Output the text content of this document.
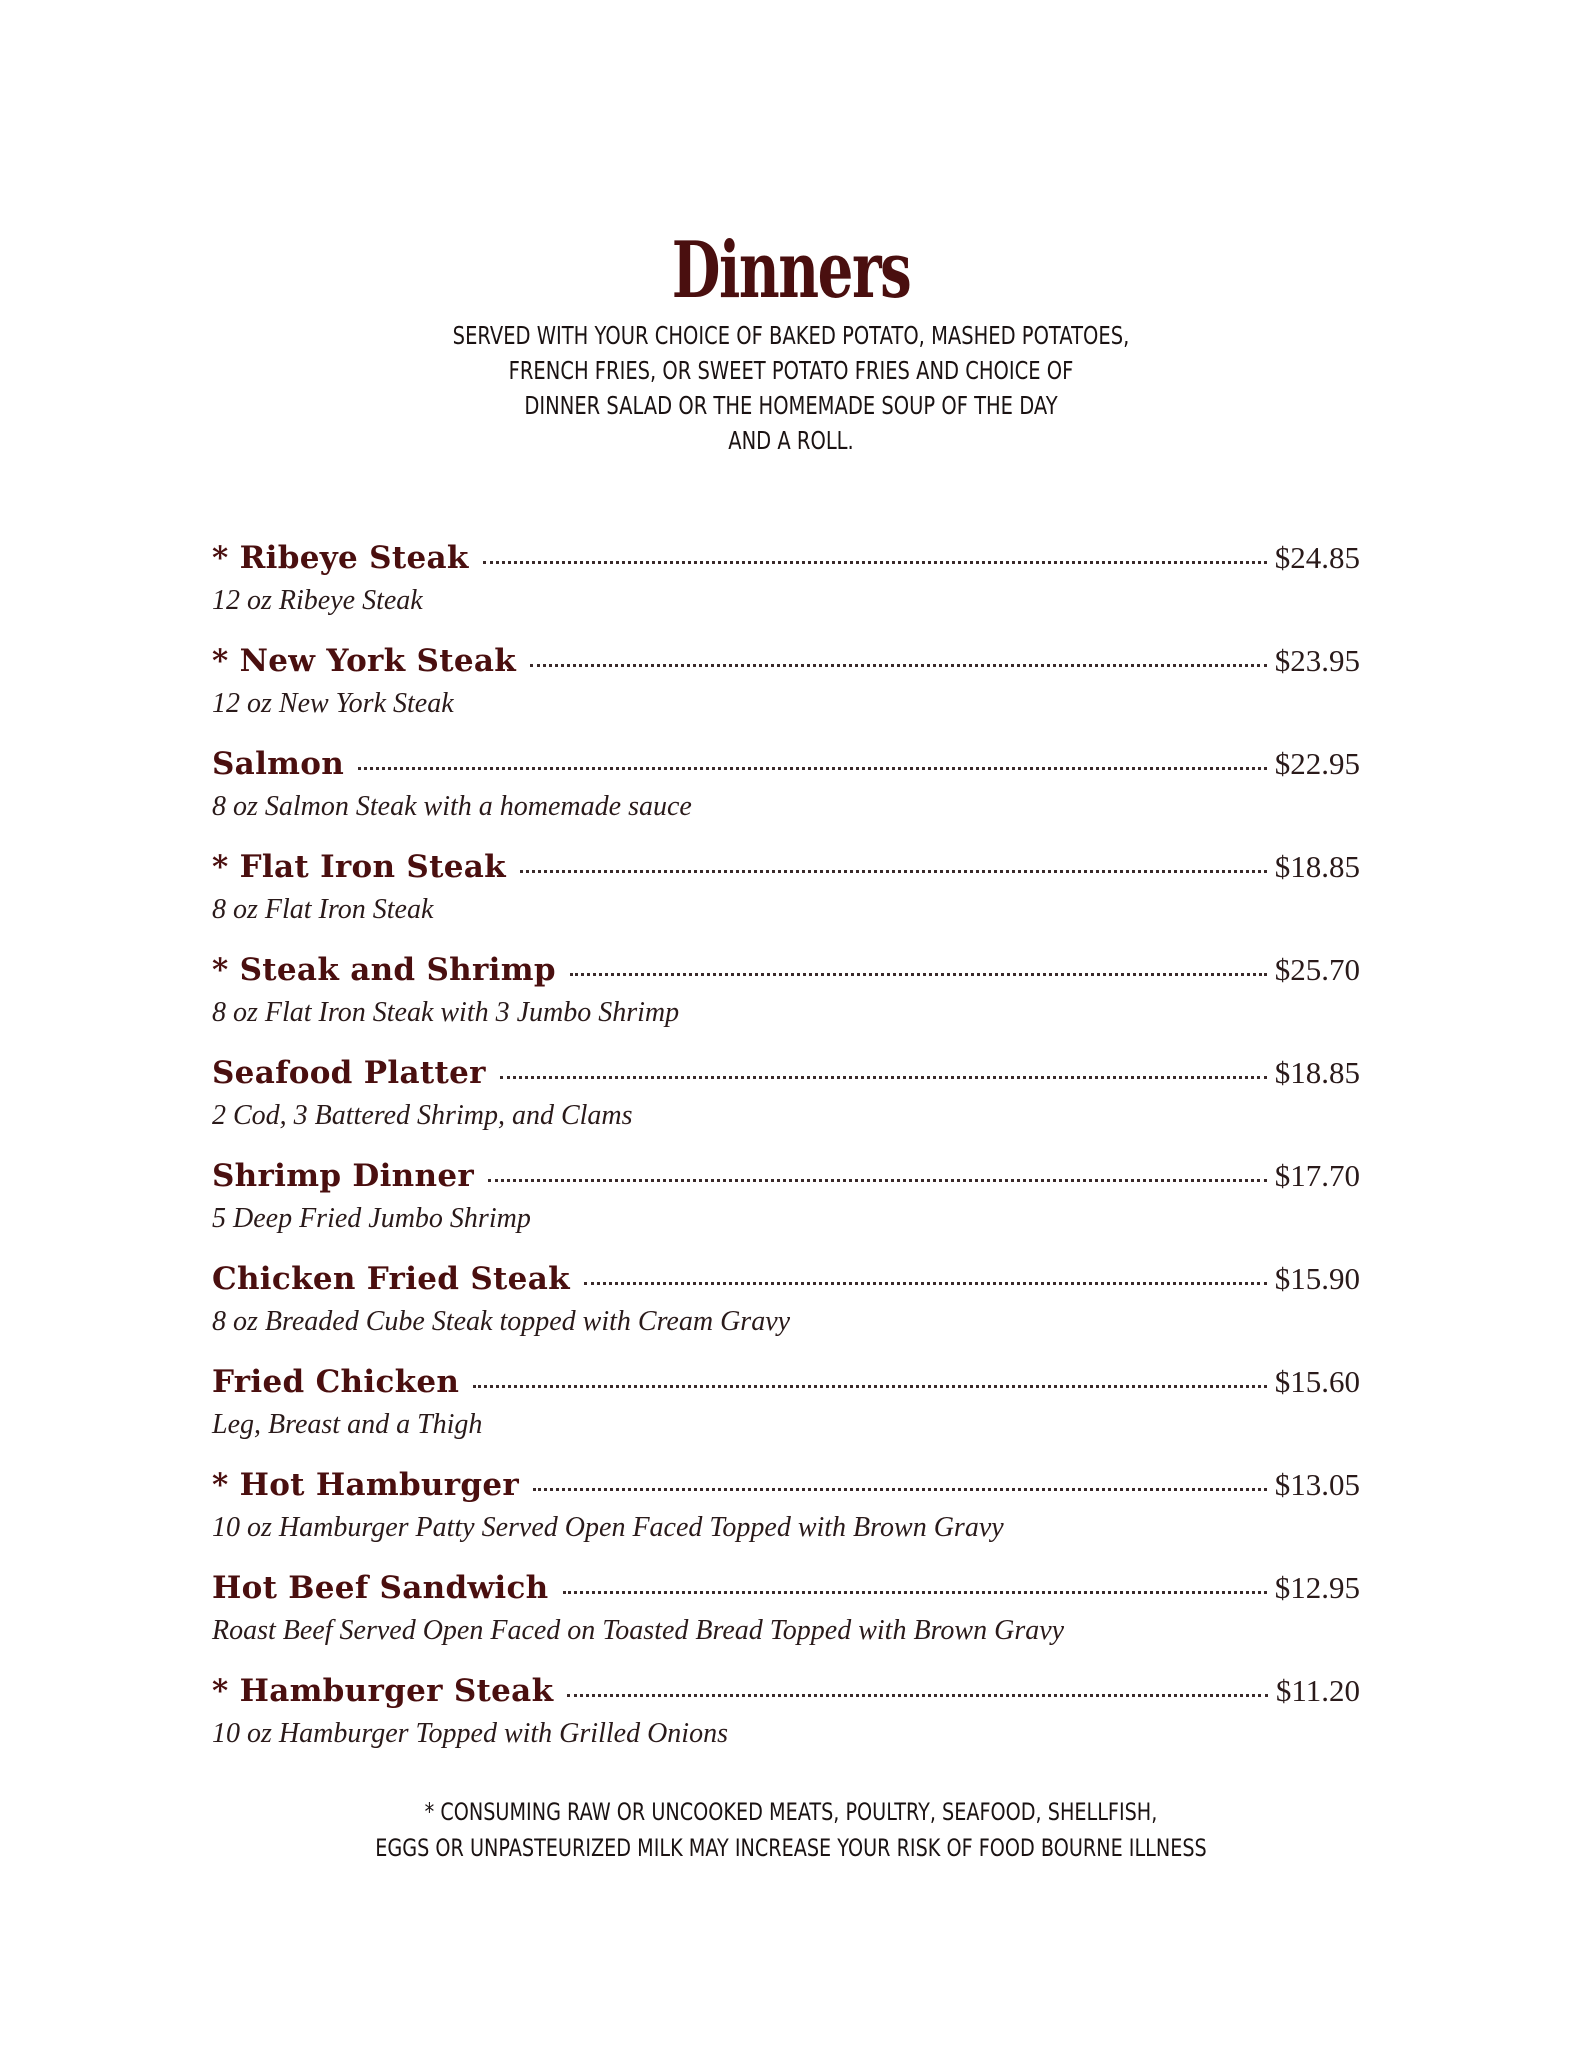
Dinners
SERVED WITH YOUR CHOICE OF BAKED POTATO, MASHED POTATOES,
FRENCH FRIES, OR SWEET POTATO FRIES AND CHOICE OF
DINNER SALAD OR THE HOMEMADE SOUP OF THE DAY
AND A ROLL.
* Ribeye Steak	$24.85
12 oz Ribeye Steak
* New York Steak	$23.95
12 oz New York Steak
Salmon	$22.95
8 oz Salmon Steak with a homemade sauce
* Flat Iron Steak	$18.85
8 oz Flat Iron Steak
* Steak and Shrimp	$25.70
8 oz Flat Iron Steak with 3 Jumbo Shrimp
Seafood Platter	$18.85
2 Cod, 3 Battered Shrimp, and Clams
Shrimp Dinner	$17.70
5 Deep Fried Jumbo Shrimp
Chicken Fried Steak	$15.90
8 oz Breaded Cube Steak topped with Cream Gravy
Fried Chicken	$15.60
Leg, Breast and a Thigh
* Hot Hamburger	$13.05
10 oz Hamburger Patty Served Open Faced Topped with Brown Gravy
Hot Beef Sandwich	$12.95
Roast Beef Served Open Faced on Toasted Bread Topped with Brown Gravy
* Hamburger Steak	$11.20
10 oz Hamburger Topped with Grilled Onions
* CONSUMING RAW OR UNCOOKED MEATS, POULTRY, SEAFOOD, SHELLFISH,
EGGS OR UNPASTEURIZED MILK MAY INCREASE YOUR RISK OF FOOD BOURNE ILLNESS
